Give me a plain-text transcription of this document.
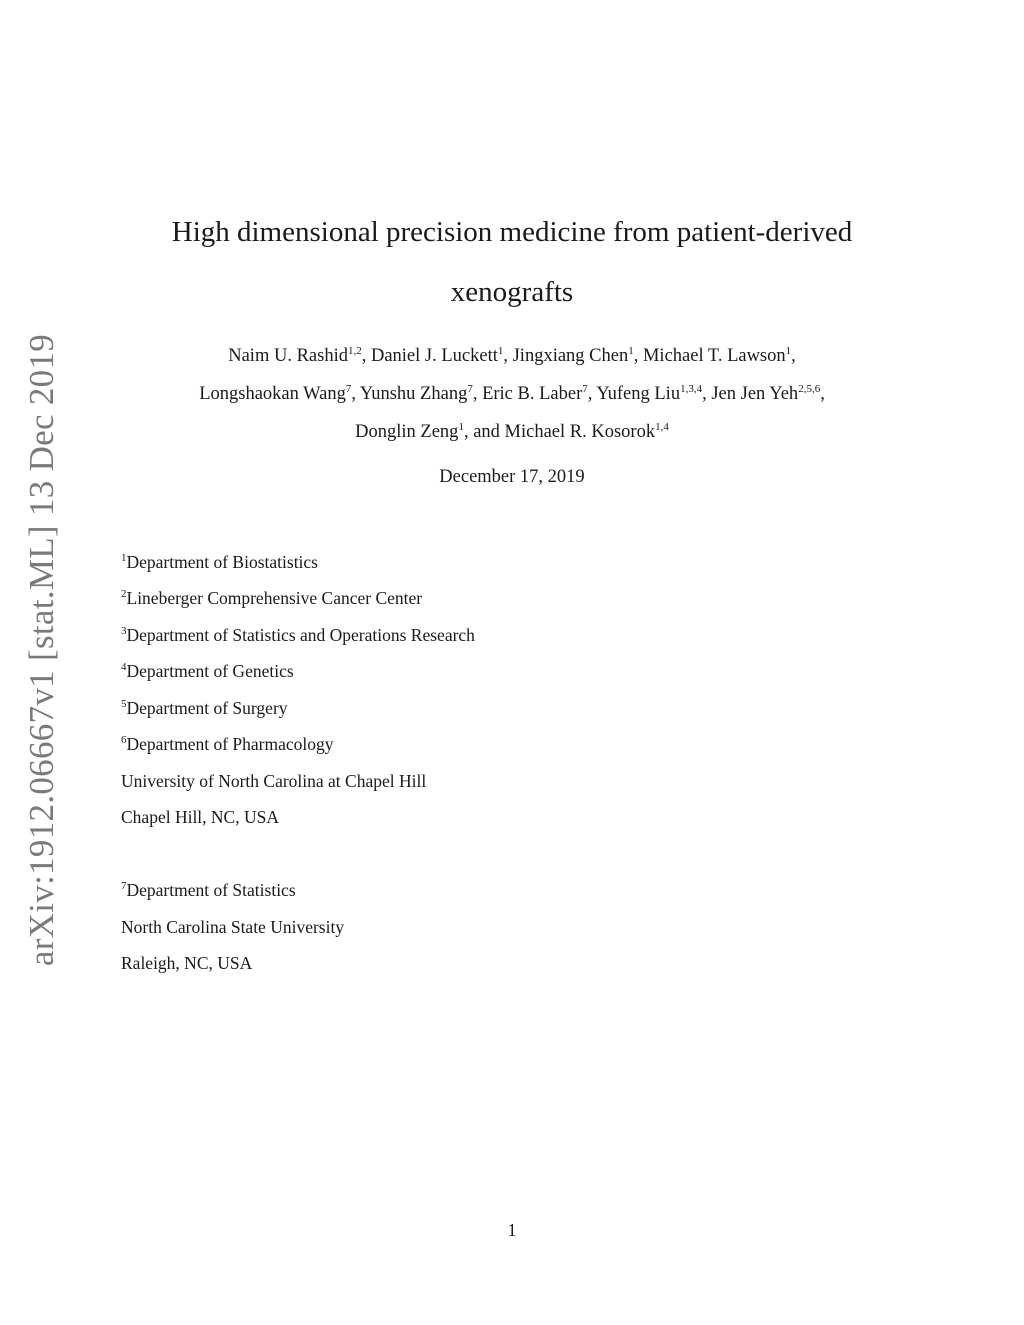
arXiv:1912.06667v1 [stat.ML] 13 Dec 2019
High dimensional precision medicine from patient-derived
xenografts
Naim U. Rashid$^{1,2}$, Daniel J. Luckett$^1$, Jingxiang Chen$^1$, Michael T. Lawson$^1$,
Longshaokan Wang$^7$, Yunshu Zhang$^7$, Eric B. Laber$^7$, Yufeng Liu$^{1,3,4}$, Jen Jen Yeh$^{2,5,6}$,
Donglin Zeng$^1$, and Michael R. Kosorok$^{1,4}$
December 17, 2019
$^1$Department of Biostatistics
$^2$Lineberger Comprehensive Cancer Center
$^3$Department of Statistics and Operations Research
$^4$Department of Genetics
$^5$Department of Surgery
$^6$Department of Pharmacology
University of North Carolina at Chapel Hill
Chapel Hill, NC, USA
$^7$Department of Statistics
North Carolina State University
Raleigh, NC, USA
1
